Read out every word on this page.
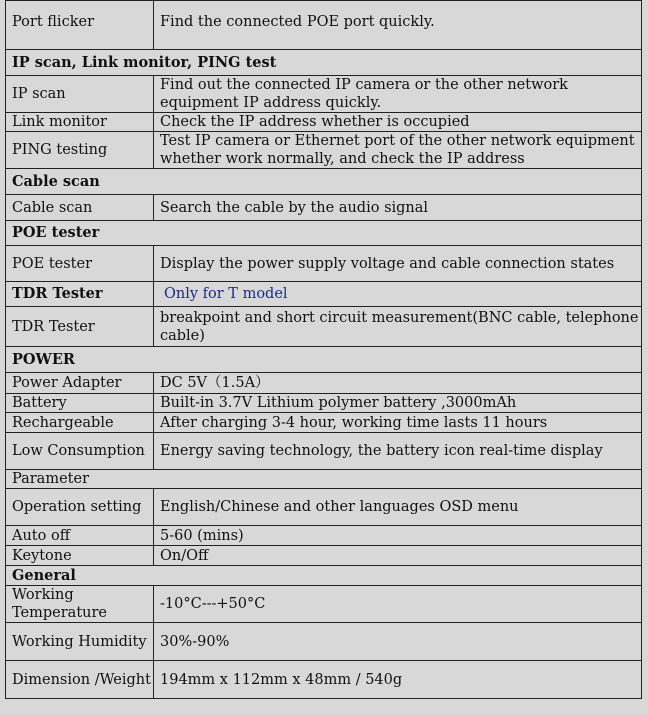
Port flicker	Find the connected POE port quickly.
IP scan, Link monitor, PING test	
IP scan	Find out the connected IP camera or the other network equipment IP address quickly.
Link monitor	Check the IP address whether is occupied
PING testing	Test IP camera or Ethernet port of the other network equipment whether work normally, and check the IP address
Cable scan	
Cable scan	Search the cable by the audio signal
POE tester	
POE tester	Display the power supply voltage and cable connection states
TDR Tester	Only for T model
TDR Tester	breakpoint and short circuit measurement(BNC cable, telephone cable)
POWER	
Power Adapter	DC 5V（1.5A）
Battery	Built-in 3.7V Lithium polymer battery ,3000mAh
Rechargeable	After charging 3-4 hour, working time lasts 11 hours
Low Consumption	Energy saving technology, the battery icon real-time display
Parameter	
Operation setting	English/Chinese and other languages OSD menu
Auto off	5-60 (mins)
Keytone	On/Off
General	
Working Temperature	-10°C---+50°C
Working Humidity	30%-90%
Dimension /Weight	194mm x 112mm x 48mm / 540g
